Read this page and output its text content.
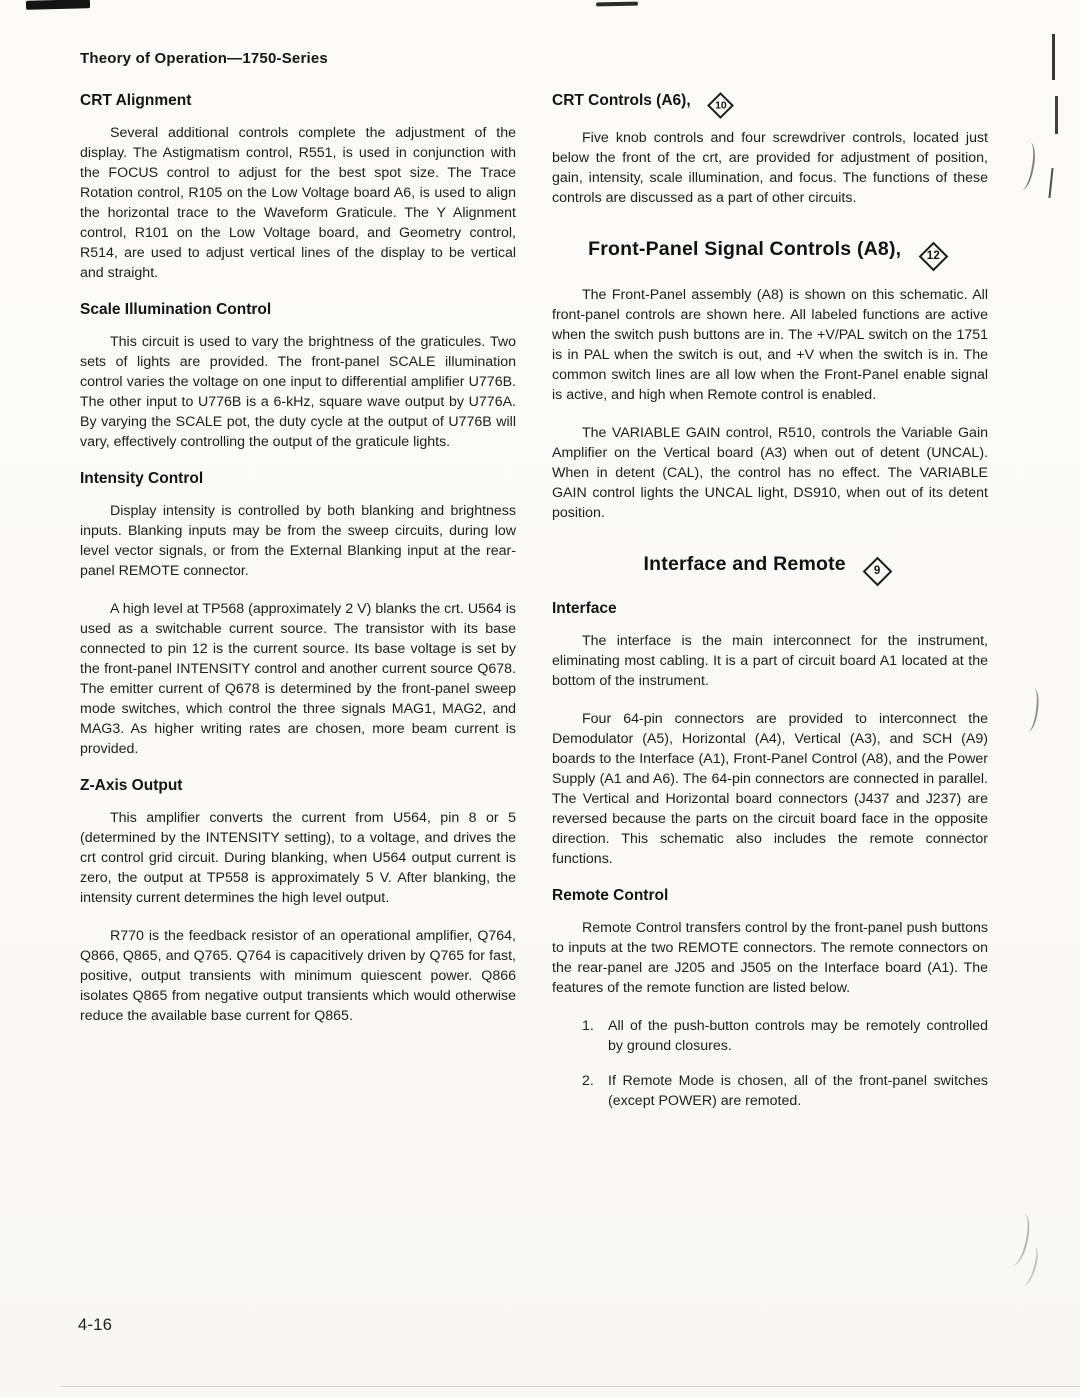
Theory of Operation—1750-Series
CRT Alignment

Several additional controls complete the adjustment of the display. The Astigmatism control, R551, is used in conjunction with the FOCUS control to adjust for the best spot size. The Trace Rotation control, R105 on the Low Voltage board A6, is used to align the horizontal trace to the Waveform Graticule. The Y Alignment control, R101 on the Low Voltage board, and Geometry control, R514, are used to adjust vertical lines of the display to be vertical and straight.

Scale Illumination Control

This circuit is used to vary the brightness of the graticules. Two sets of lights are provided. The front-panel SCALE illumination control varies the voltage on one input to differential amplifier U776B. The other input to U776B is a 6-kHz, square wave output by U776A. By varying the SCALE pot, the duty cycle at the output of U776B will vary, effectively controlling the output of the graticule lights.

Intensity Control

Display intensity is controlled by both blanking and brightness inputs. Blanking inputs may be from the sweep circuits, during low level vector signals, or from the External Blanking input at the rear-panel REMOTE connector.

A high level at TP568 (approximately 2 V) blanks the crt. U564 is used as a switchable current source. The transistor with its base connected to pin 12 is the current source. Its base voltage is set by the front-panel INTENSITY control and another current source Q678. The emitter current of Q678 is determined by the front-panel sweep mode switches, which control the three signals MAG1, MAG2, and MAG3. As higher writing rates are chosen, more beam current is provided.

Z-Axis Output

This amplifier converts the current from U564, pin 8 or 5 (determined by the INTENSITY setting), to a voltage, and drives the crt control grid circuit. During blanking, when U564 output current is zero, the output at TP558 is approximately 5 V. After blanking, the intensity current determines the high level output.

R770 is the feedback resistor of an operational amplifier, Q764, Q866, Q865, and Q765. Q764 is capacitively driven by Q765 for fast, positive, output transients with minimum quiescent power. Q866 isolates Q865 from negative output transients which would otherwise reduce the available base current for Q865.

CRT Controls (A6), 10

Five knob controls and four screwdriver controls, located just below the front of the crt, are provided for adjustment of position, gain, intensity, scale illumination, and focus. The functions of these controls are discussed as a part of other circuits.

Front-Panel Signal Controls (A8), 12

The Front-Panel assembly (A8) is shown on this schematic. All front-panel controls are shown here. All labeled functions are active when the switch push buttons are in. The +V/PAL switch on the 1751 is in PAL when the switch is out, and +V when the switch is in. The common switch lines are all low when the Front-Panel enable signal is active, and high when Remote control is enabled.

The VARIABLE GAIN control, R510, controls the Variable Gain Amplifier on the Vertical board (A3) when out of detent (UNCAL). When in detent (CAL), the control has no effect. The VARIABLE GAIN control lights the UNCAL light, DS910, when out of its detent position.

Interface and Remote	9
Interface

The interface is the main interconnect for the instrument, eliminating most cabling. It is a part of circuit board A1 located at the bottom of the instrument.

Four 64-pin connectors are provided to interconnect the Demodulator (A5), Horizontal (A4), Vertical (A3), and SCH (A9) boards to the Interface (A1), Front-Panel Control (A8), and the Power Supply (A1 and A6). The 64-pin connectors are connected in parallel. The Vertical and Horizontal board connectors (J437 and J237) are reversed because the parts on the circuit board face in the opposite direction. This schematic also includes the remote connector functions.

Remote Control

Remote Control transfers control by the front-panel push buttons to inputs at the two REMOTE connectors. The remote connectors on the rear-panel are J205 and J505 on the Interface board (A1). The features of the remote function are listed below.

1. All of the push-button controls may be remotely controlled by ground closures.
2. If Remote Mode is chosen, all of the front-panel switches (except POWER) are remoted.
4-16
